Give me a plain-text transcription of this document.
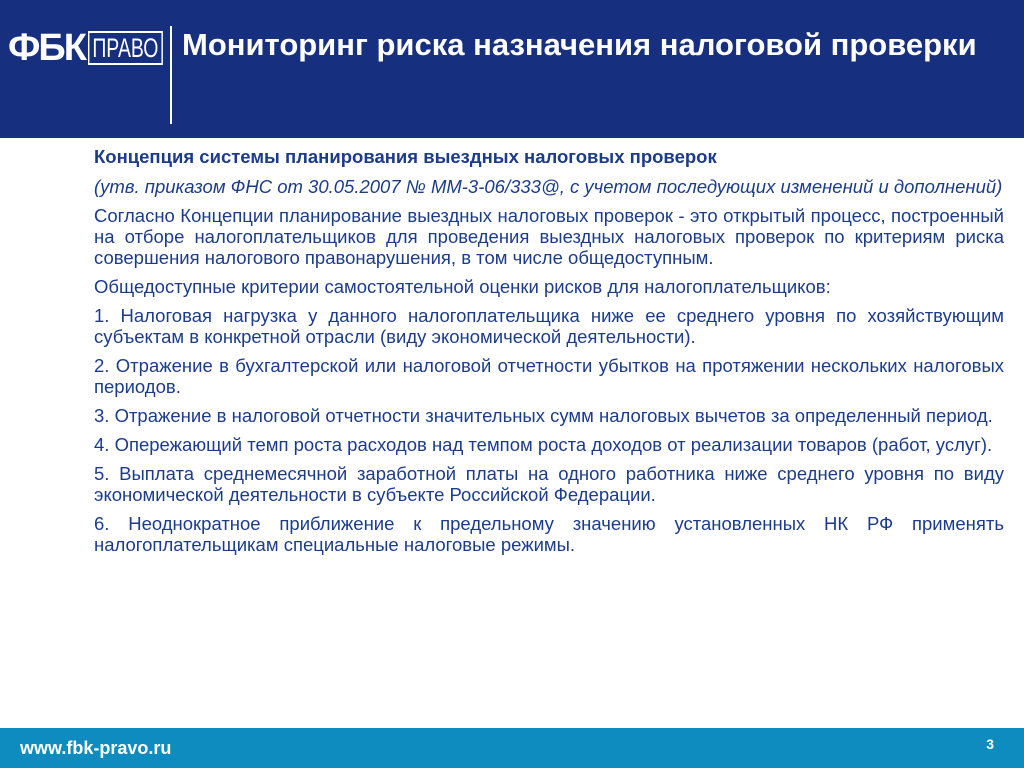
ФБК ПРАВО Мониторинг риска назначения налоговой проверки

Концепция системы планирования выездных налоговых проверок

(утв. приказом ФНС от 30.05.2007 № ММ-3-06/333@, с учетом последующих изменений и дополнений)

Согласно Концепции планирование выездных налоговых проверок - это открытый процесс, построенный на отборе налогоплательщиков для проведения выездных налоговых проверок по критериям риска совершения налогового правонарушения, в том числе общедоступным.

Общедоступные критерии самостоятельной оценки рисков для налогоплательщиков:

1. Налоговая нагрузка у данного налогоплательщика ниже ее среднего уровня по хозяйствующим субъектам в конкретной отрасли (виду экономической деятельности).

2. Отражение в бухгалтерской или налоговой отчетности убытков на протяжении нескольких налоговых периодов.

3. Отражение в налоговой отчетности значительных сумм налоговых вычетов за определенный период.

4. Опережающий темп роста расходов над темпом роста доходов от реализации товаров (работ, услуг).

5. Выплата среднемесячной заработной платы на одного работника ниже среднего уровня по виду экономической деятельности в субъекте Российской Федерации.

6. Неоднократное приближение к предельному значению установленных НК РФ применять налогоплательщикам специальные налоговые режимы.

www.fbk-pravo.ru	3
